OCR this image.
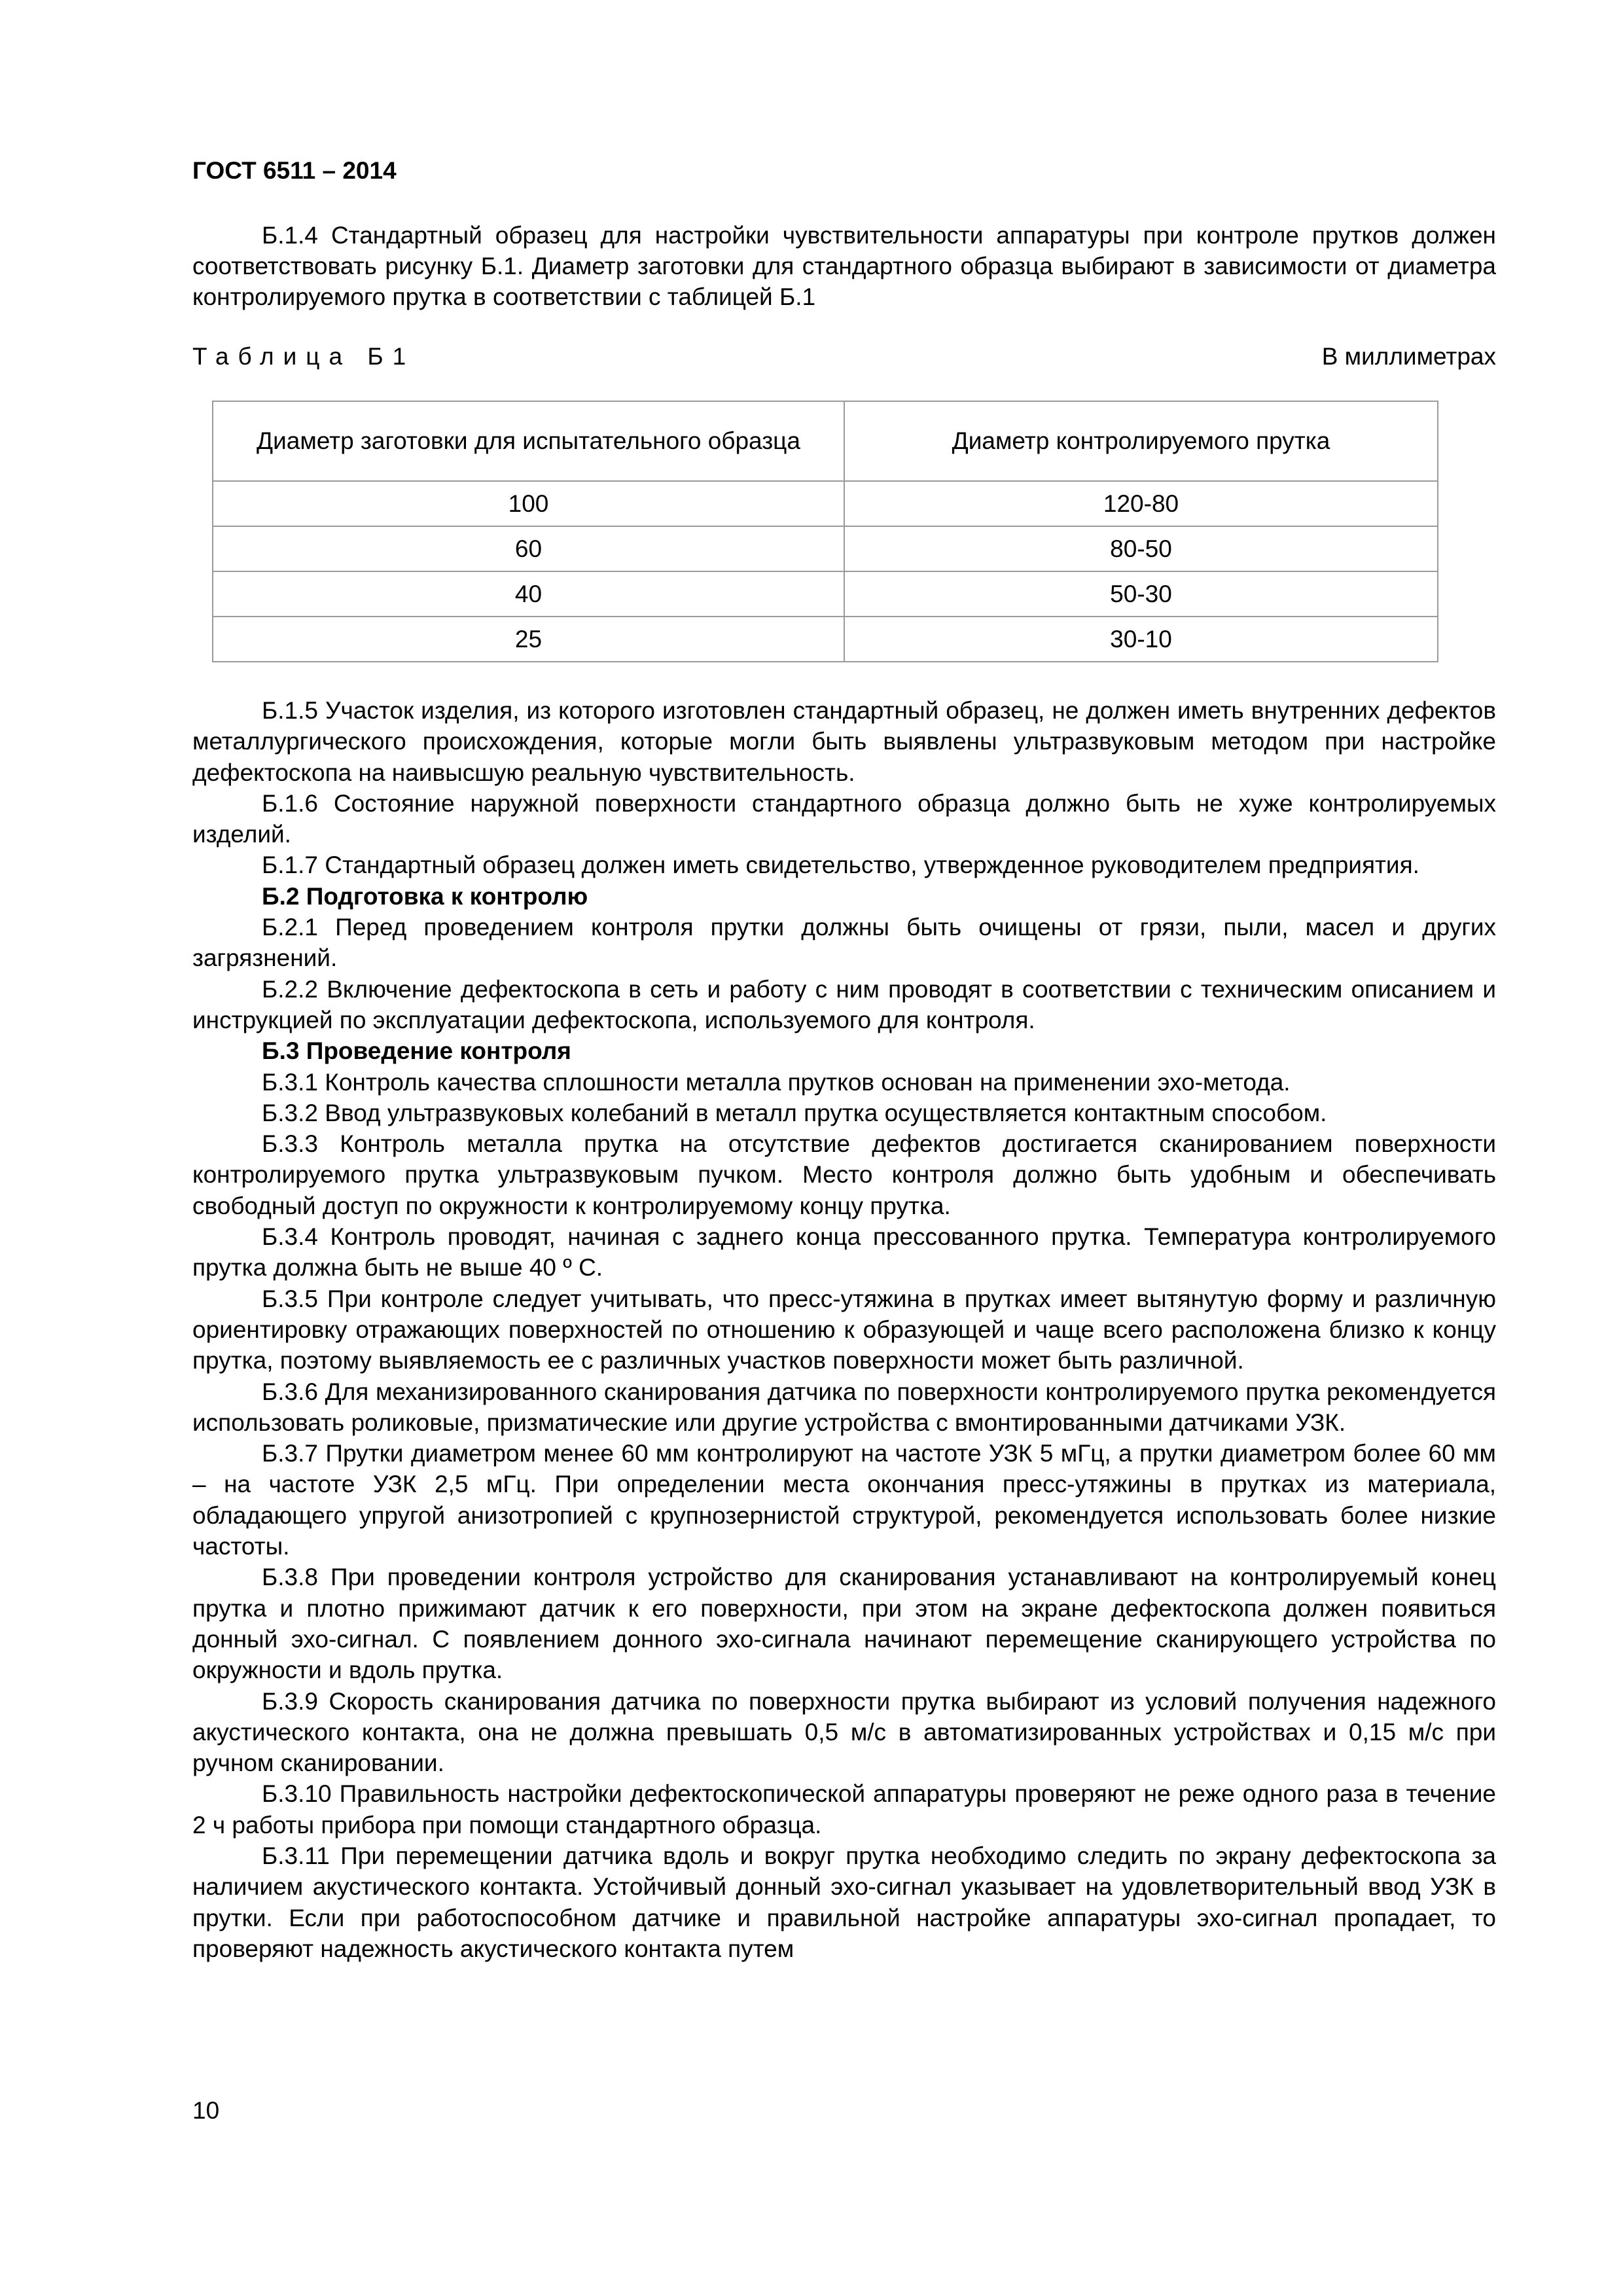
ГОСТ 6511 – 2014

Б.1.4 Стандартный образец для настройки чувствительности аппаратуры при контроле прутков должен соответствовать рисунку Б.1. Диаметр заготовки для стандартного образца выбирают в зависимости от диаметра контролируемого прутка в соответствии с таблицей Б.1

Таблица Б1	В миллиметрах
Диаметр заготовки для испытательного образца	Диаметр контролируемого прутка
100	120-80
60	80-50
40	50-30
25	30-10

Б.1.5 Участок изделия, из которого изготовлен стандартный образец, не должен иметь внутренних дефектов металлургического происхождения, которые могли быть выявлены ультразвуковым методом при настройке дефектоскопа на наивысшую реальную чувствительность.

Б.1.6 Состояние наружной поверхности стандартного образца должно быть не хуже контролируемых изделий.

Б.1.7 Стандартный образец должен иметь свидетельство, утвержденное руководителем предприятия.

Б.2 Подготовка к контролю

Б.2.1 Перед проведением контроля прутки должны быть очищены от грязи, пыли, масел и других загрязнений.

Б.2.2 Включение дефектоскопа в сеть и работу с ним проводят в соответствии с техническим описанием и инструкцией по эксплуатации дефектоскопа, используемого для контроля.

Б.3 Проведение контроля

Б.3.1 Контроль качества сплошности металла прутков основан на применении эхо-метода.

Б.3.2 Ввод ультразвуковых колебаний в металл прутка осуществляется контактным способом.

Б.3.3 Контроль металла прутка на отсутствие дефектов достигается сканированием поверхности контролируемого прутка ультразвуковым пучком. Место контроля должно быть удобным и обеспечивать свободный доступ по окружности к контролируемому концу прутка.

Б.3.4 Контроль проводят, начиная с заднего конца прессованного прутка. Температура контролируемого прутка должна быть не выше 40 º С.

Б.3.5 При контроле следует учитывать, что пресс-утяжина в прутках имеет вытянутую форму и различную ориентировку отражающих поверхностей по отношению к образующей и чаще всего расположена близко к концу прутка, поэтому выявляемость ее с различных участков поверхности может быть различной.

Б.3.6 Для механизированного сканирования датчика по поверхности контролируемого прутка рекомендуется использовать роликовые, призматические или другие устройства с вмонтированными датчиками УЗК.

Б.3.7 Прутки диаметром менее 60 мм контролируют на частоте УЗК 5 мГц, а прутки диаметром более 60 мм – на частоте УЗК 2,5 мГц. При определении места окончания пресс-утяжины в прутках из материала, обладающего упругой анизотропией с крупнозернистой структурой, рекомендуется использовать более низкие частоты.

Б.3.8 При проведении контроля устройство для сканирования устанавливают на контролируемый конец прутка и плотно прижимают датчик к его поверхности, при этом на экране дефектоскопа должен появиться донный эхо-сигнал. С появлением донного эхо-сигнала начинают перемещение сканирующего устройства по окружности и вдоль прутка.

Б.3.9 Скорость сканирования датчика по поверхности прутка выбирают из условий получения надежного акустического контакта, она не должна превышать 0,5 м/с в автоматизированных устройствах и 0,15 м/с при ручном сканировании.

Б.3.10 Правильность настройки дефектоскопической аппаратуры проверяют не реже одного раза в течение 2 ч работы прибора при помощи стандартного образца.

Б.3.11 При перемещении датчика вдоль и вокруг прутка необходимо следить по экрану дефектоскопа за наличием акустического контакта. Устойчивый донный эхо-сигнал указывает на удовлетворительный ввод УЗК в прутки. Если при работоспособном датчике и правильной настройке аппаратуры эхо-сигнал пропадает, то проверяют надежность акустического контакта путем

10
